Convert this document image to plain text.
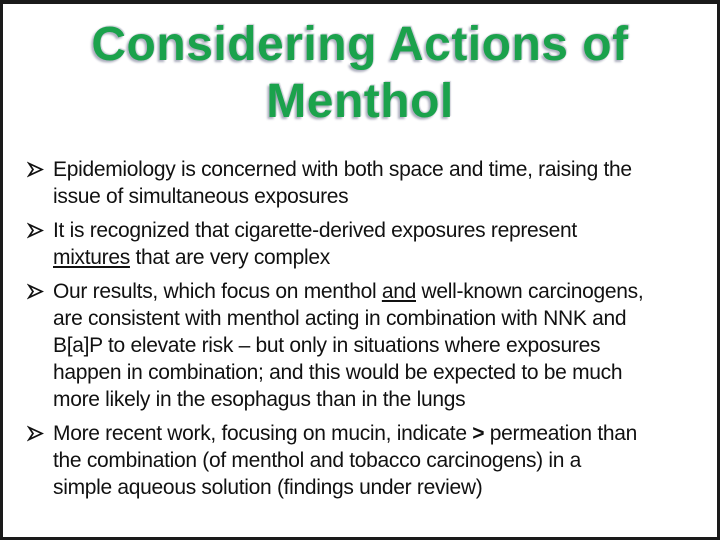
Considering Actions of
Menthol
Epidemiology is concerned with both space and time, raising the
issue of simultaneous exposures
It is recognized that cigarette-derived exposures represent
mixtures that are very complex
Our results, which focus on menthol and well-known carcinogens,
are consistent with menthol acting in combination with NNK and
B[a]P to elevate risk – but only in situations where exposures
happen in combination; and this would be expected to be much
more likely in the esophagus than in the lungs
More recent work, focusing on mucin, indicate > permeation than
the combination (of menthol and tobacco carcinogens) in a
simple aqueous solution (findings under review)
